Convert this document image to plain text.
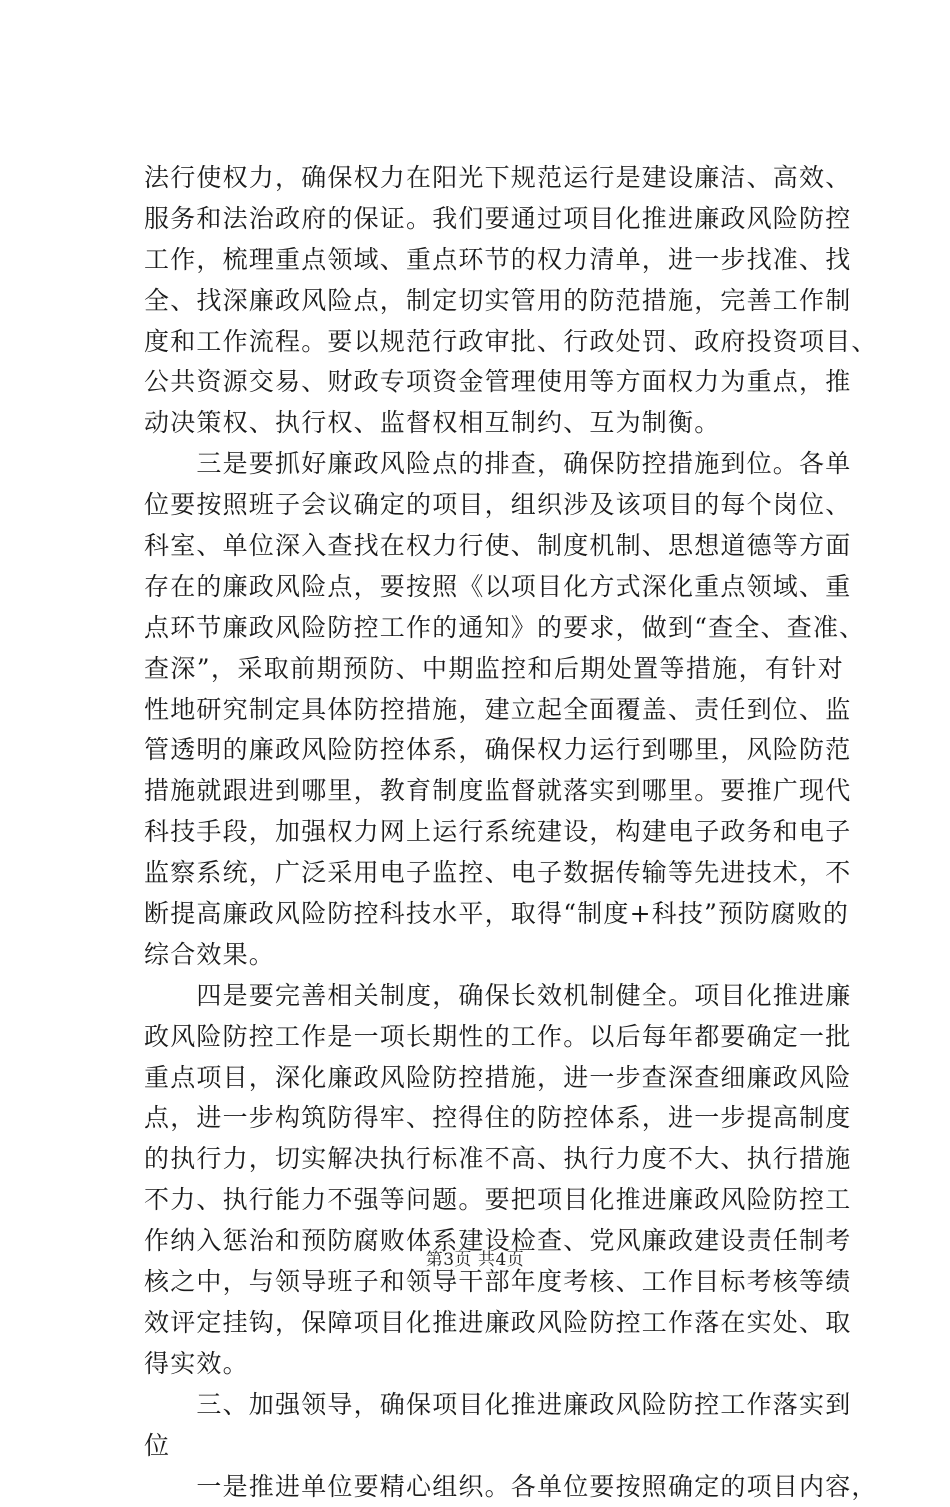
法行使权力，确保权力在阳光下规范运行是建设廉洁、高效、
服务和法治政府的保证。我们要通过项目化推进廉政风险防控
工作，梳理重点领域、重点环节的权力清单，进一步找准、找
全、找深廉政风险点，制定切实管用的防范措施，完善工作制
度和工作流程。要以规范行政审批、行政处罚、政府投资项目、
公共资源交易、财政专项资金管理使用等方面权力为重点，推
动决策权、执行权、监督权相互制约、互为制衡。
　　三是要抓好廉政风险点的排查，确保防控措施到位。各单
位要按照班子会议确定的项目，组织涉及该项目的每个岗位、
科室、单位深入查找在权力行使、制度机制、思想道德等方面
存在的廉政风险点，要按照《以项目化方式深化重点领域、重
点环节廉政风险防控工作的通知》的要求，做到“查全、查准、
查深”，采取前期预防、中期监控和后期处置等措施，有针对
性地研究制定具体防控措施，建立起全面覆盖、责任到位、监
管透明的廉政风险防控体系，确保权力运行到哪里，风险防范
措施就跟进到哪里，教育制度监督就落实到哪里。要推广现代
科技手段，加强权力网上运行系统建设，构建电子政务和电子
监察系统，广泛采用电子监控、电子数据传输等先进技术，不
断提高廉政风险防控科技水平，取得“制度+科技”预防腐败的
综合效果。
　　四是要完善相关制度，确保长效机制健全。项目化推进廉
政风险防控工作是一项长期性的工作。以后每年都要确定一批
重点项目，深化廉政风险防控措施，进一步查深查细廉政风险
点，进一步构筑防得牢、控得住的防控体系，进一步提高制度
的执行力，切实解决执行标准不高、执行力度不大、执行措施
不力、执行能力不强等问题。要把项目化推进廉政风险防控工
作纳入惩治和预防腐败体系建设检查、党风廉政建设责任制考
核之中，与领导班子和领导干部年度考核、工作目标考核等绩
效评定挂钩，保障项目化推进廉政风险防控工作落在实处、取
得实效。
　　三、加强领导，确保项目化推进廉政风险防控工作落实到
位
　　一是推进单位要精心组织。各单位要按照确定的项目内容，
第3页 共4页
